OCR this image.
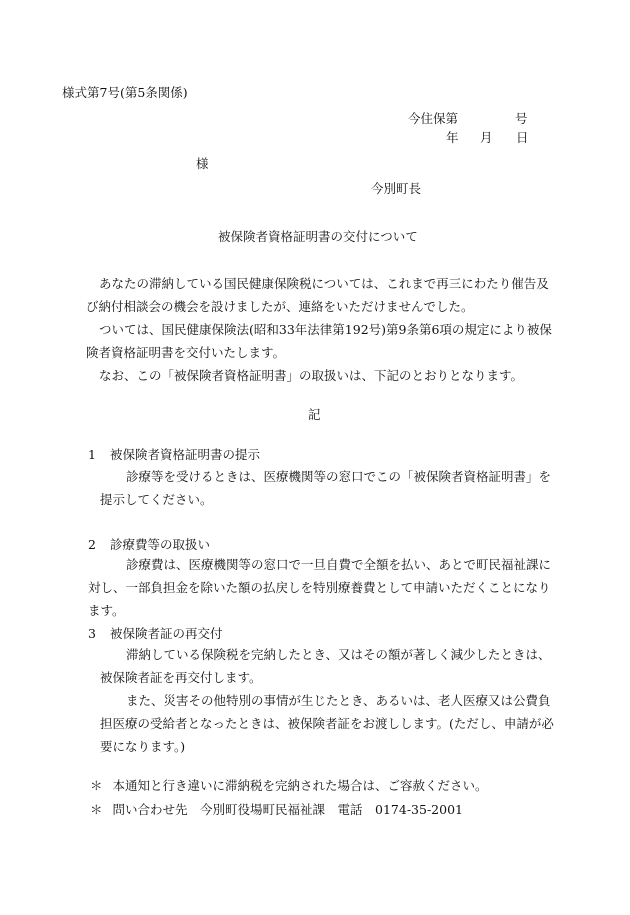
様式第7号(第5条関係)
今住保第	号
年 月 日
様
今別町長
被保険者資格証明書の交付について
あなたの滞納している国民健康保険税については、これまで再三にわたり催告及び納付相談会の機会を設けましたが、連絡をいただけませんでした。
ついては、国民健康保険法(昭和33年法律第192号)第9条第6項の規定により被保険者資格証明書を交付いたします。
なお、この「被保険者資格証明書」の取扱いは、下記のとおりとなります。
記
1 被保険者資格証明書の提示
診療等を受けるときは、医療機関等の窓口でこの「被保険者資格証明書」を提示してください。
2 診療費等の取扱い
診療費は、医療機関等の窓口で一旦自費で全額を払い、あとで町民福祉課に対し、一部負担金を除いた額の払戻しを特別療養費として申請いただくことになります。
3 被保険者証の再交付
滞納している保険税を完納したとき、又はその額が著しく減少したときは、被保険者証を再交付します。
また、災害その他特別の事情が生じたとき、あるいは、老人医療又は公費負担医療の受給者となったときは、被保険者証をお渡しします。(ただし、申請が必要になります。)
＊ 本通知と行き違いに滞納税を完納された場合は、ご容赦ください。
＊ 問い合わせ先　今別町役場町民福祉課　電話　0174-35-2001
